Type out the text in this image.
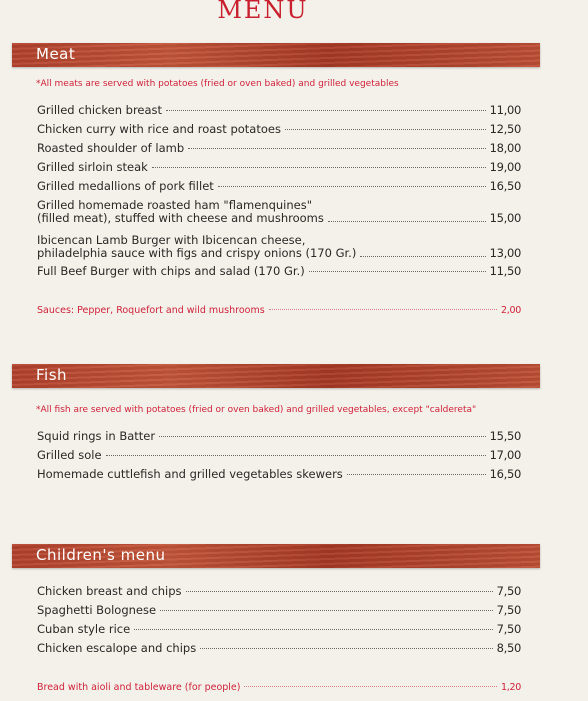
MENU
Meat
*All meats are served with potatoes (fried or oven baked) and grilled vegetables
Grilled chicken breast	11,00
Chicken curry with rice and roast potatoes	12,50
Roasted shoulder of lamb	18,00
Grilled sirloin steak	19,00
Grilled medallions of pork fillet	16,50
Grilled homemade roasted ham "flamenquines"
(filled meat), stuffed with cheese and mushrooms	15,00
Ibicencan Lamb Burger with Ibicencan cheese,
philadelphia sauce with figs and crispy onions (170 Gr.)	13,00
Full Beef Burger with chips and salad (170 Gr.)	11,50
Sauces: Pepper, Roquefort and wild mushrooms	2,00
Fish
*All fish are served with potatoes (fried or oven baked) and grilled vegetables, except "caldereta"
Squid rings in Batter	15,50
Grilled sole	17,00
Homemade cuttlefish and grilled vegetables skewers	16,50
Children's menu
Chicken breast and chips	7,50
Spaghetti Bolognese	7,50
Cuban style rice	7,50
Chicken escalope and chips	8,50
Bread with aioli and tableware (for people)	1,20
